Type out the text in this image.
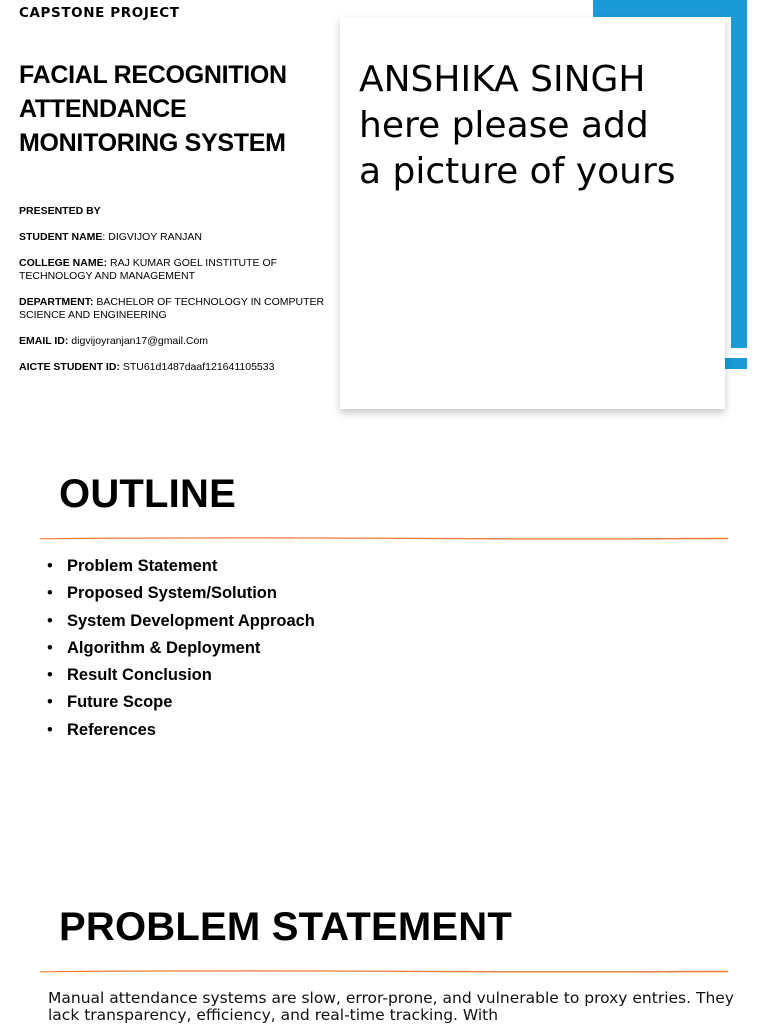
CAPSTONE PROJECT
FACIAL RECOGNITION
ATTENDANCE
MONITORING SYSTEM
PRESENTED BY
STUDENT NAME: DIGVIJOY RANJAN
COLLEGE NAME: RAJ KUMAR GOEL INSTITUTE OF TECHNOLOGY AND MANAGEMENT
DEPARTMENT: BACHELOR OF TECHNOLOGY IN COMPUTER SCIENCE AND ENGINEERING
EMAIL ID: digvijoyranjan17@gmail.Com
AICTE STUDENT ID: STU61d1487daaf121641105533
ANSHIKA SINGH
here please add
a picture of yours
OUTLINE
• Problem Statement
• Proposed System/Solution
• System Development Approach
• Algorithm & Deployment
• Result Conclusion
• Future Scope
• References
PROBLEM STATEMENT
Manual attendance systems are slow, error-prone, and vulnerable to proxy entries. They lack transparency, efficiency, and real-time tracking. With
